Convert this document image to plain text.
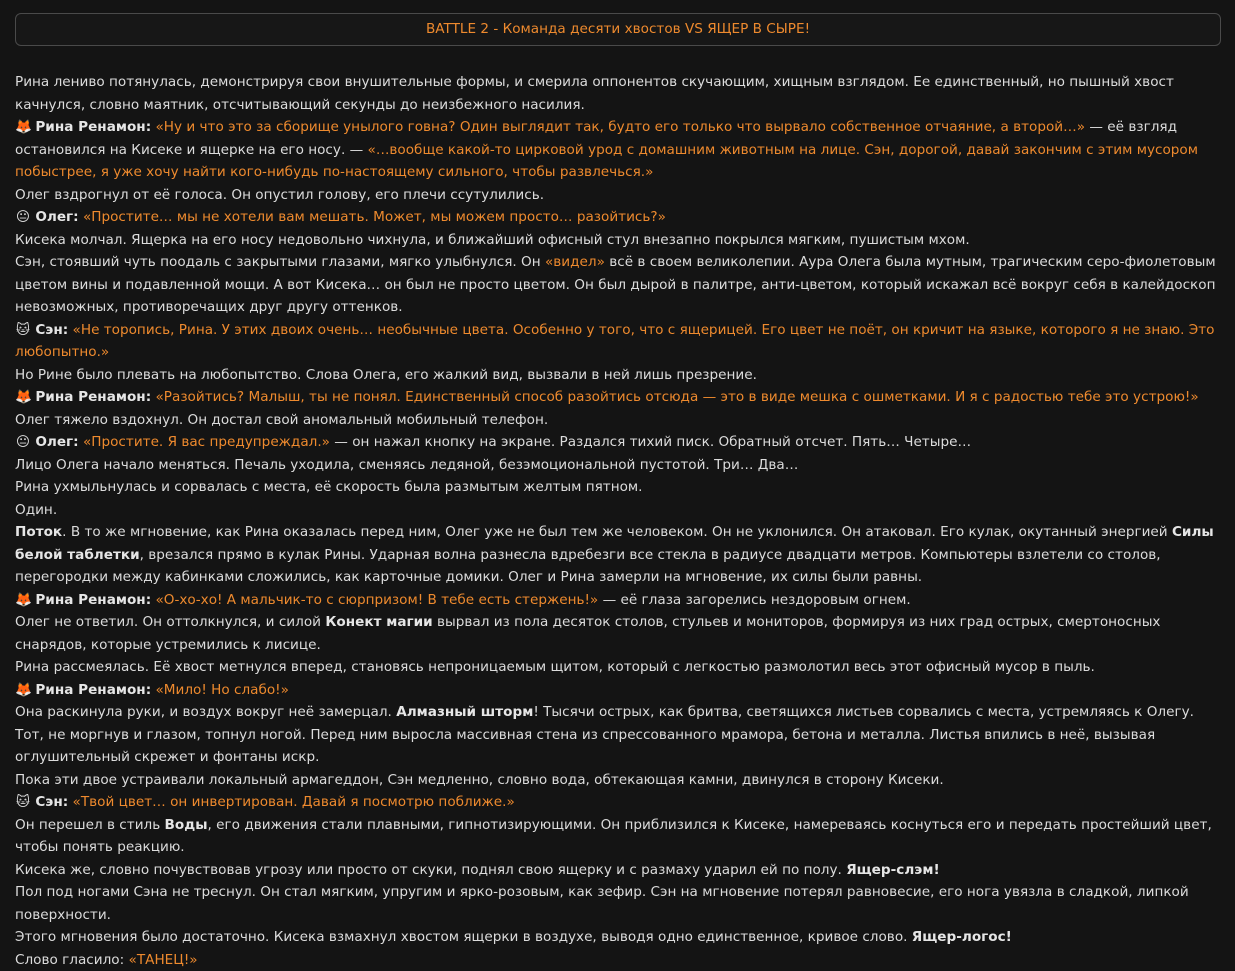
BATTLE 2 - Команда десяти хвостов VS ЯЩЕР В СЫРЕ!

Рина лениво потянулась, демонстрируя свои внушительные формы, и смерила оппонентов скучающим, хищным взглядом. Ее единственный, но пышный хвост качнулся, словно маятник, отсчитывающий секунды до неизбежного насилия.

🦊 Рина Ренамон: «Ну и что это за сборище унылого говна? Один выглядит так, будто его только что вырвало собственное отчаяние, а второй…» — её взгляд остановился на Кисеке и ящерке на его носу. — «…вообще какой-то цирковой урод с домашним животным на лице. Сэн, дорогой, давай закончим с этим мусором побыстрее, я уже хочу найти кого-нибудь по-настоящему сильного, чтобы развлечься.»

Олег вздрогнул от её голоса. Он опустил голову, его плечи ссутулились.

😐 Олег: «Простите… мы не хотели вам мешать. Может, мы можем просто… разойтись?»

Кисека молчал. Ящерка на его носу недовольно чихнула, и ближайший офисный стул внезапно покрылся мягким, пушистым мхом.

Сэн, стоявший чуть поодаль с закрытыми глазами, мягко улыбнулся. Он «видел» всё в своем великолепии. Аура Олега была мутным, трагическим серо-фиолетовым цветом вины и подавленной мощи. А вот Кисека… он был не просто цветом. Он был дырой в палитре, анти-цветом, который искажал всё вокруг себя в калейдоскоп невозможных, противоречащих друг другу оттенков.

🐱 Сэн: «Не торопись, Рина. У этих двоих очень… необычные цвета. Особенно у того, что с ящерицей. Его цвет не поёт, он кричит на языке, которого я не знаю. Это любопытно.»

Но Рине было плевать на любопытство. Слова Олега, его жалкий вид, вызвали в ней лишь презрение.

🦊 Рина Ренамон: «Разойтись? Малыш, ты не понял. Единственный способ разойтись отсюда — это в виде мешка с ошметками. И я с радостью тебе это устрою!»

Олег тяжело вздохнул. Он достал свой аномальный мобильный телефон.

😐 Олег: «Простите. Я вас предупреждал.» — он нажал кнопку на экране. Раздался тихий писк. Обратный отсчет. Пять… Четыре…

Лицо Олега начало меняться. Печаль уходила, сменяясь ледяной, безэмоциональной пустотой. Три… Два…

Рина ухмыльнулась и сорвалась с места, её скорость была размытым желтым пятном.

Один.

Поток. В то же мгновение, как Рина оказалась перед ним, Олег уже не был тем же человеком. Он не уклонился. Он атаковал. Его кулак, окутанный энергией Силы белой таблетки, врезался прямо в кулак Рины. Ударная волна разнесла вдребезги все стекла в радиусе двадцати метров. Компьютеры взлетели со столов, перегородки между кабинками сложились, как карточные домики. Олег и Рина замерли на мгновение, их силы были равны.

🦊 Рина Ренамон: «О-хо-хо! А мальчик-то с сюрпризом! В тебе есть стержень!» — её глаза загорелись нездоровым огнем.

Олег не ответил. Он оттолкнулся, и силой Конект магии вырвал из пола десяток столов, стульев и мониторов, формируя из них град острых, смертоносных снарядов, которые устремились к лисице.

Рина рассмеялась. Её хвост метнулся вперед, становясь непроницаемым щитом, который с легкостью размолотил весь этот офисный мусор в пыль.

🦊 Рина Ренамон: «Мило! Но слабо!»

Она раскинула руки, и воздух вокруг неё замерцал. Алмазный шторм! Тысячи острых, как бритва, светящихся листьев сорвались с места, устремляясь к Олегу. Тот, не моргнув и глазом, топнул ногой. Перед ним выросла массивная стена из спрессованного мрамора, бетона и металла. Листья впились в неё, вызывая оглушительный скрежет и фонтаны искр.

Пока эти двое устраивали локальный армагеддон, Сэн медленно, словно вода, обтекающая камни, двинулся в сторону Кисеки.

🐱 Сэн: «Твой цвет… он инвертирован. Давай я посмотрю поближе.»

Он перешел в стиль Воды, его движения стали плавными, гипнотизирующими. Он приблизился к Кисеке, намереваясь коснуться его и передать простейший цвет, чтобы понять реакцию.

Кисека же, словно почувствовав угрозу или просто от скуки, поднял свою ящерку и с размаху ударил ей по полу. Ящер-слэм!

Пол под ногами Сэна не треснул. Он стал мягким, упругим и ярко-розовым, как зефир. Сэн на мгновение потерял равновесие, его нога увязла в сладкой, липкой поверхности.

Этого мгновения было достаточно. Кисека взмахнул хвостом ящерки в воздухе, выводя одно единственное, кривое слово. Ящер-логос!

Слово гласило: «ТАНЕЦ!»
